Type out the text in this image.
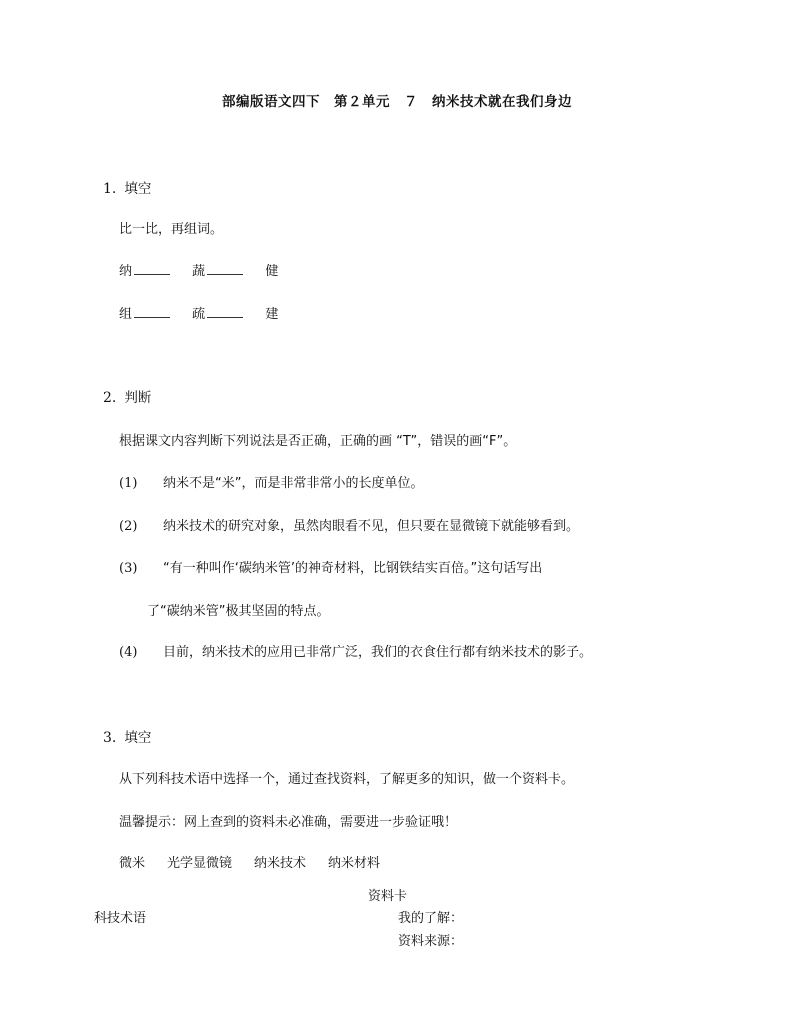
部编版语文四下　第２单元　７　纳米技术就在我们身边
1. 填空
比一比，再组词。
纳	蔬	健
组	疏	建
2. 判断
根据课文内容判断下列说法是否正确，正确的画 “T”，错误的画“F”。
(1) 纳米不是“米”，而是非常非常小的长度单位。
(2) 纳米技术的研究对象，虽然肉眼看不见，但只要在显微镜下就能够看到。
(3) “有一种叫作‘碳纳米管’的神奇材料，比钢铁结实百倍。”这句话写出
了“碳纳米管”极其坚固的特点。
(4) 目前，纳米技术的应用已非常广泛，我们的衣食住行都有纳米技术的影子。
3. 填空
从下列科技术语中选择一个，通过查找资料，了解更多的知识，做一个资料卡。
温馨提示：网上查到的资料未必准确，需要进一步验证哦！
微米 光学显微镜 纳米技术 纳米材料
资料卡
科技术语	我的了解：
资料来源：
